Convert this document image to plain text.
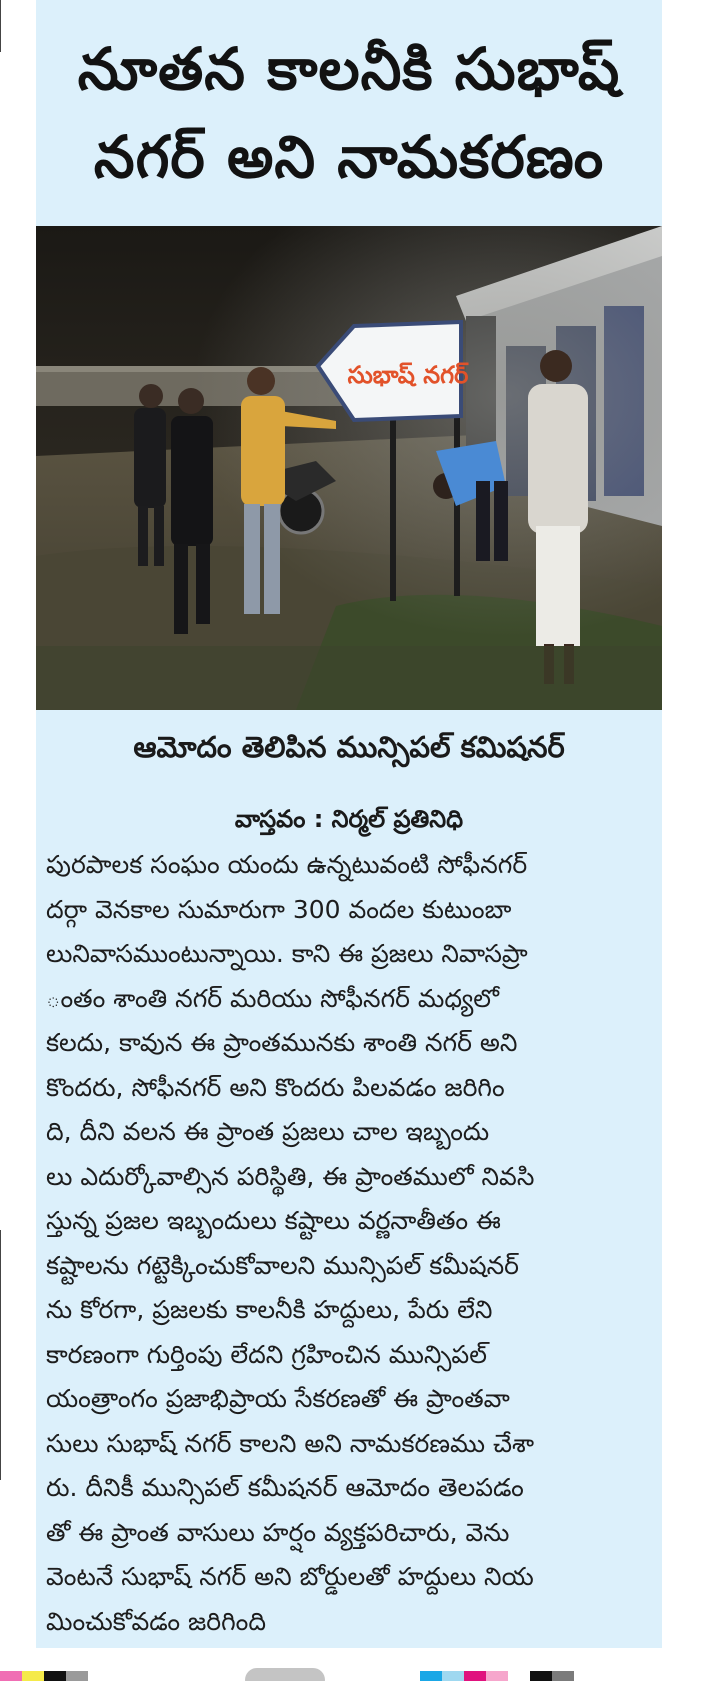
నూతన కాలనీకి సుభాష్
నగర్ అని నామకరణం
సుభాష్ నగర్
ఆమోదం తెలిపిన మున్సిపల్ కమిషనర్
వాస్తవం : నిర్మల్ ప్రతినిధి
పురపాలక సంఘం యందు ఉన్నటువంటి సోఫీనగర్
దర్గా వెనకాల సుమారుగా 300 వందల కుటుంబా
లునివాసముంటున్నాయి. కాని ఈ ప్రజలు నివాసప్రా
ంతం శాంతి నగర్ మరియు సోఫీనగర్ మధ్యలో
కలదు, కావున ఈ ప్రాంతమునకు శాంతి నగర్ అని
కొందరు, సోఫీనగర్ అని కొందరు పిలవడం జరిగిం
ది, దీని వలన ఈ ప్రాంత ప్రజలు చాల ఇబ్బందు
లు ఎదుర్కోవాల్సిన పరిస్థితి, ఈ ప్రాంతములో నివసి
స్తున్న ప్రజల ఇబ్బందులు కష్టాలు వర్ణనాతీతం ఈ
కష్టాలను గట్టెక్కించుకోవాలని మున్సిపల్ కమీషనర్
ను కోరగా, ప్రజలకు కాలనీకి హద్దులు, పేరు లేని
కారణంగా గుర్తింపు లేదని గ్రహించిన మున్సిపల్
యంత్రాంగం ప్రజాభిప్రాయ సేకరణతో ఈ ప్రాంతవా
సులు సుభాష్ నగర్ కాలని అని నామకరణము చేశా
రు. దీనికీ మున్సిపల్ కమీషనర్ ఆమోదం తెలపడం
తో ఈ ప్రాంత వాసులు హర్షం వ్యక్తపరిచారు, వెను
వెంటనే సుభాష్ నగర్ అని బోర్డులతో హద్దులు నియ
మించుకోవడం జరిగింది
